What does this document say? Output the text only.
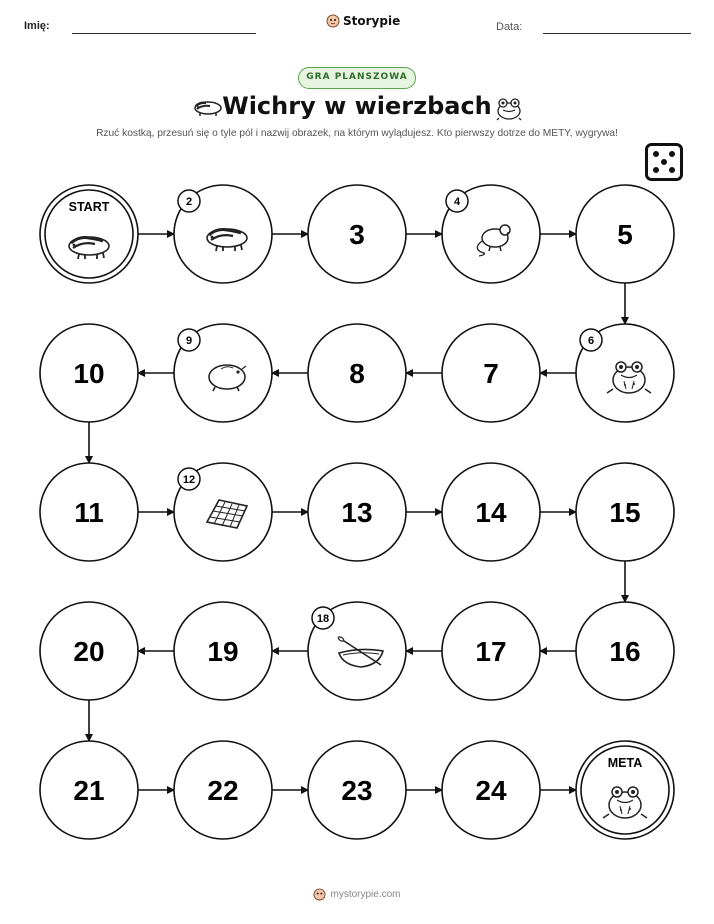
Imię:	Storypie	Data:
GRA PLANSZOWA
Wichry w wierzbach
Rzuć kostką, przesuń się o tyle pól i nazwij obrazek, na którym wylądujesz. Kto pierwszy dotrze do METY, wygrywa!
START	2
3
4
5
6
7
8
9
10
11
12
13	14	15
16
17
18
19
20
21	22	23	24
META
mystorypie.com
